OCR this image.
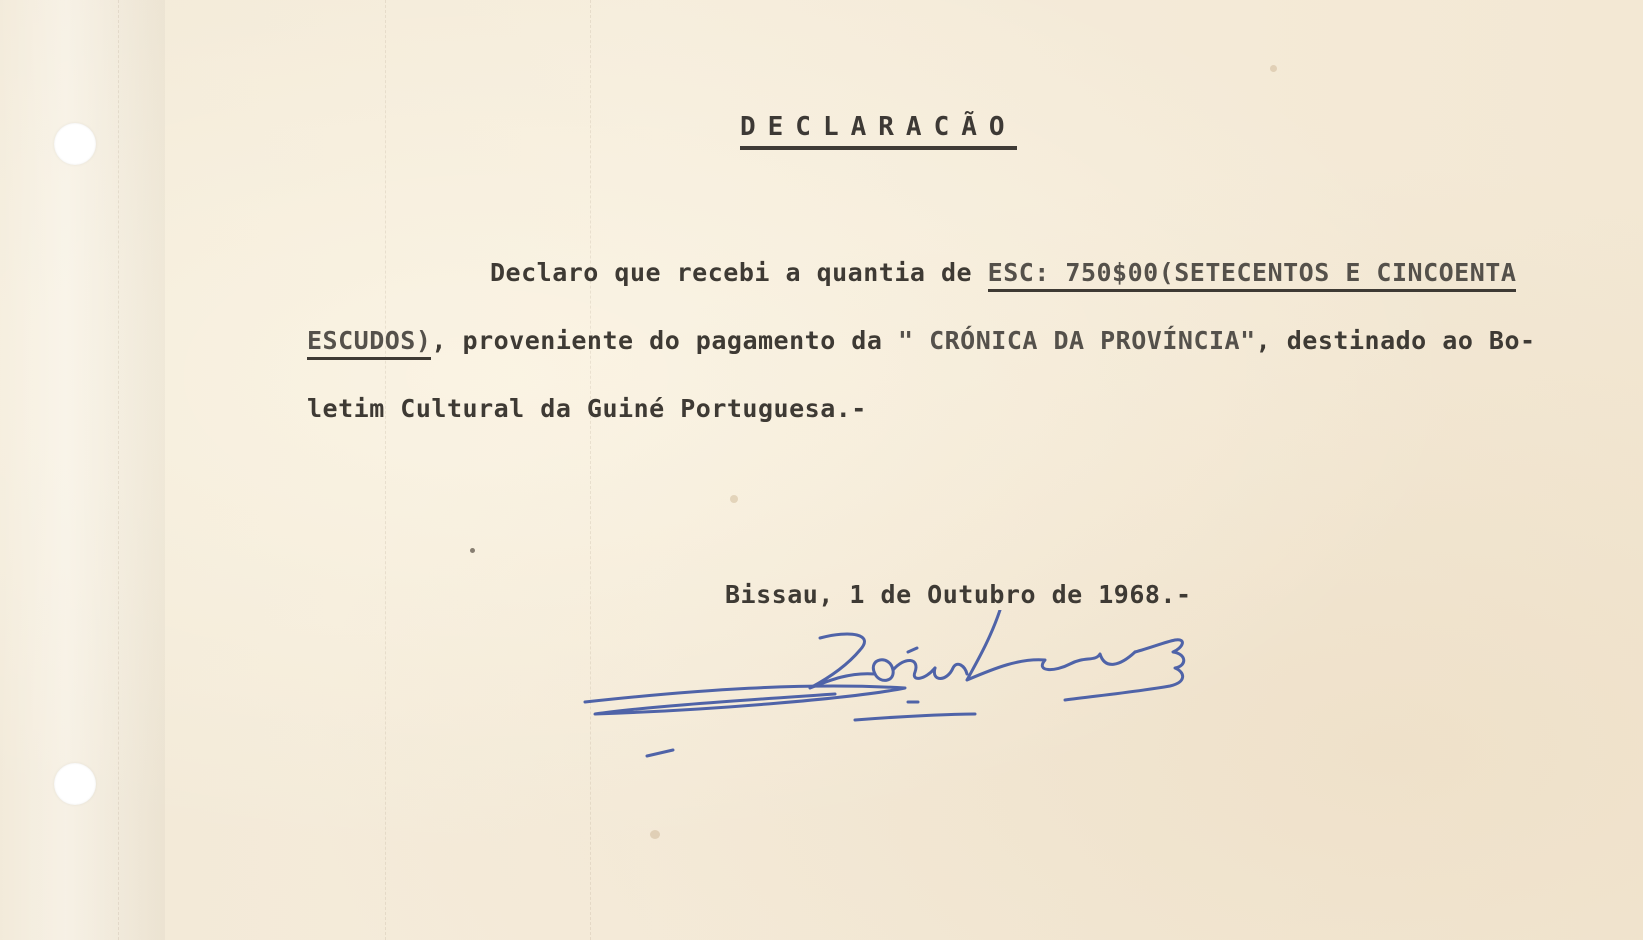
DECLARACÃO
Declaro que recebi a quantia de ESC: 750$00(SETECENTOS E CINCOENTA
ESCUDOS), proveniente do pagamento da " CRÓNICA DA PROVÍNCIA", destinado ao Bo-
letim Cultural da Guiné Portuguesa.-
Bissau, 1 de Outubro de 1968.-
